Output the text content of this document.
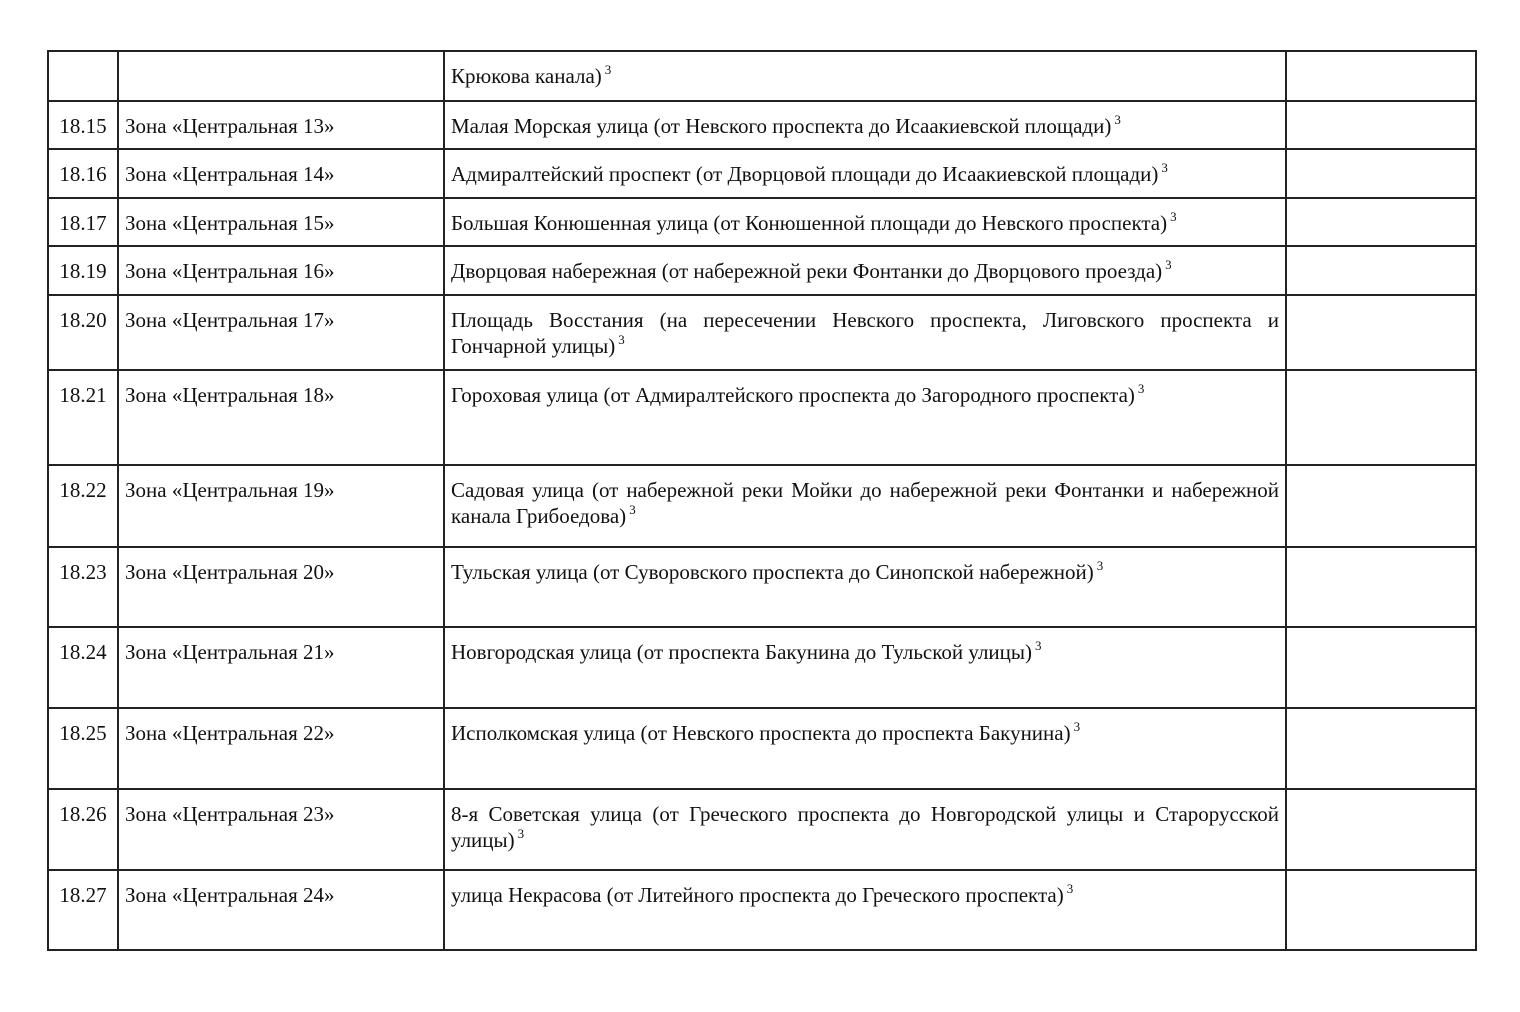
		Крюкова канала) $^3$	
18.15	Зона «Центральная 13»	Малая Морская улица (от Невского проспекта до Исаакиевской площади) $^3$	
18.16	Зона «Центральная 14»	Адмиралтейский проспект (от Дворцовой площади до Исаакиевской площади) $^3$	
18.17	Зона «Центральная 15»	Большая Конюшенная улица (от Конюшенной площади до Невского проспекта) $^3$	
18.19	Зона «Центральная 16»	Дворцовая набережная (от набережной реки Фонтанки до Дворцового проезда) $^3$	
18.20	Зона «Центральная 17»	Площадь Восстания (на пересечении Невского проспекта, Лиговского проспекта и Гончарной улицы) $^3$	
18.21	Зона «Центральная 18»	Гороховая улица (от Адмиралтейского проспекта до Загородного проспекта) $^3$	
18.22	Зона «Центральная 19»	Садовая улица (от набережной реки Мойки до набережной реки Фонтанки и набережной канала Грибоедова) $^3$	
18.23	Зона «Центральная 20»	Тульская улица (от Суворовского проспекта до Синопской набережной) $^3$	
18.24	Зона «Центральная 21»	Новгородская улица (от проспекта Бакунина до Тульской улицы) $^3$	
18.25	Зона «Центральная 22»	Исполкомская улица (от Невского проспекта до проспекта Бакунина) $^3$	
18.26	Зона «Центральная 23»	8-я Советская улица (от Греческого проспекта до Новгородской улицы и Старорусской улицы) $^3$	
18.27	Зона «Центральная 24»	улица Некрасова (от Литейного проспекта до Греческого проспекта) $^3$	
